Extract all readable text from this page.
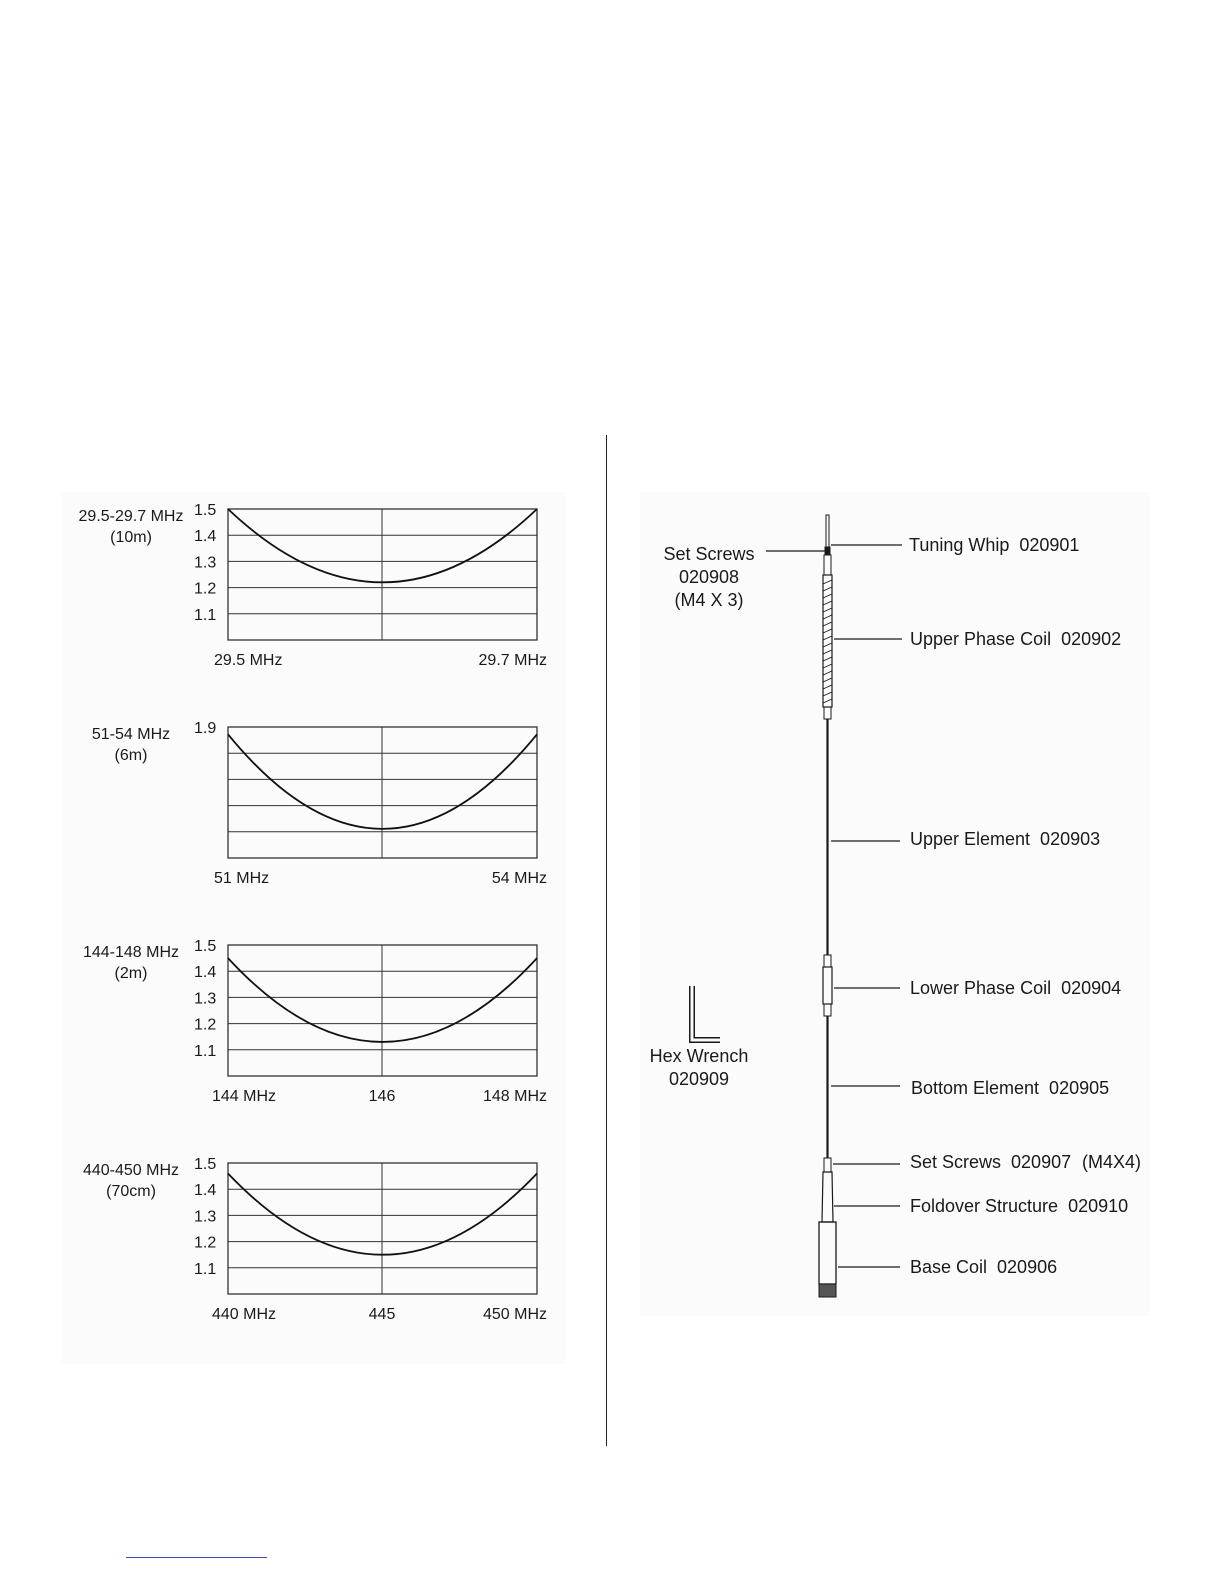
1.5
1.4
1.3
1.2
1.1
29.5-29.7 MHz
(10m)
29.5 MHz	29.7 MHz
1.9
51-54 MHz
(6m)
51 MHz	54 MHz
1.5
1.4
1.3
1.2
1.1
144-148 MHz
(2m)
144 MHz	146	148 MHz
1.5
1.4
1.3
1.2
1.1
440-450 MHz
(70cm)
440 MHz	445	450 MHz
Tuning Whip  020901
Upper Phase Coil  020902
Upper Element  020903
Lower Phase Coil  020904
Bottom Element  020905
Set Screws  020907 (M4X4)
Foldover Structure  020910
Base Coil  020906
Set Screws
020908
(M4 X 3)
Hex Wrench
020909
